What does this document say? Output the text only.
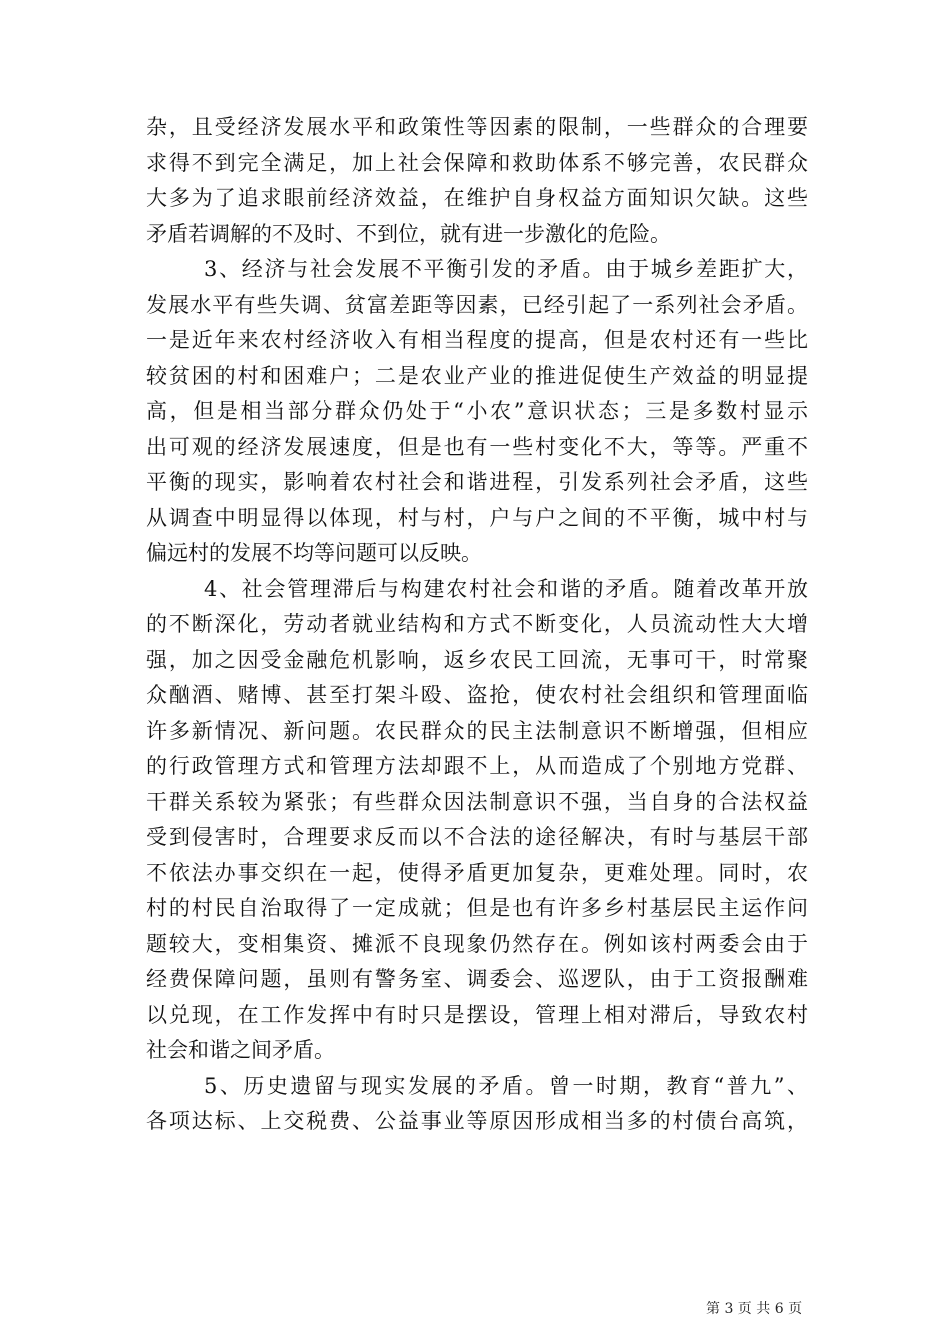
杂，且受经济发展水平和政策性等因素的限制，一些群众的合理要
求得不到完全满足，加上社会保障和救助体系不够完善，农民群众
大多为了追求眼前经济效益，在维护自身权益方面知识欠缺。这些
矛盾若调解的不及时、不到位，就有进一步激化的危险。
3、经济与社会发展不平衡引发的矛盾。由于城乡差距扩大，
发展水平有些失调、贫富差距等因素，已经引起了一系列社会矛盾。
一是近年来农村经济收入有相当程度的提高，但是农村还有一些比
较贫困的村和困难户；二是农业产业的推进促使生产效益的明显提
高，但是相当部分群众仍处于“小农”意识状态；三是多数村显示
出可观的经济发展速度，但是也有一些村变化不大，等等。严重不
平衡的现实，影响着农村社会和谐进程，引发系列社会矛盾，这些
从调查中明显得以体现，村与村，户与户之间的不平衡，城中村与
偏远村的发展不均等问题可以反映。
4、社会管理滞后与构建农村社会和谐的矛盾。随着改革开放
的不断深化，劳动者就业结构和方式不断变化，人员流动性大大增
强，加之因受金融危机影响，返乡农民工回流，无事可干，时常聚
众酗酒、赌博、甚至打架斗殴、盗抢，使农村社会组织和管理面临
许多新情况、新问题。农民群众的民主法制意识不断增强，但相应
的行政管理方式和管理方法却跟不上，从而造成了个别地方党群、
干群关系较为紧张；有些群众因法制意识不强，当自身的合法权益
受到侵害时，合理要求反而以不合法的途径解决，有时与基层干部
不依法办事交织在一起，使得矛盾更加复杂，更难处理。同时，农
村的村民自治取得了一定成就；但是也有许多乡村基层民主运作问
题较大，变相集资、摊派不良现象仍然存在。例如该村两委会由于
经费保障问题，虽则有警务室、调委会、巡逻队，由于工资报酬难
以兑现，在工作发挥中有时只是摆设，管理上相对滞后，导致农村
社会和谐之间矛盾。
5、历史遗留与现实发展的矛盾。曾一时期，教育“普九”、
各项达标、上交税费、公益事业等原因形成相当多的村债台高筑，
第 3 页 共 6 页
